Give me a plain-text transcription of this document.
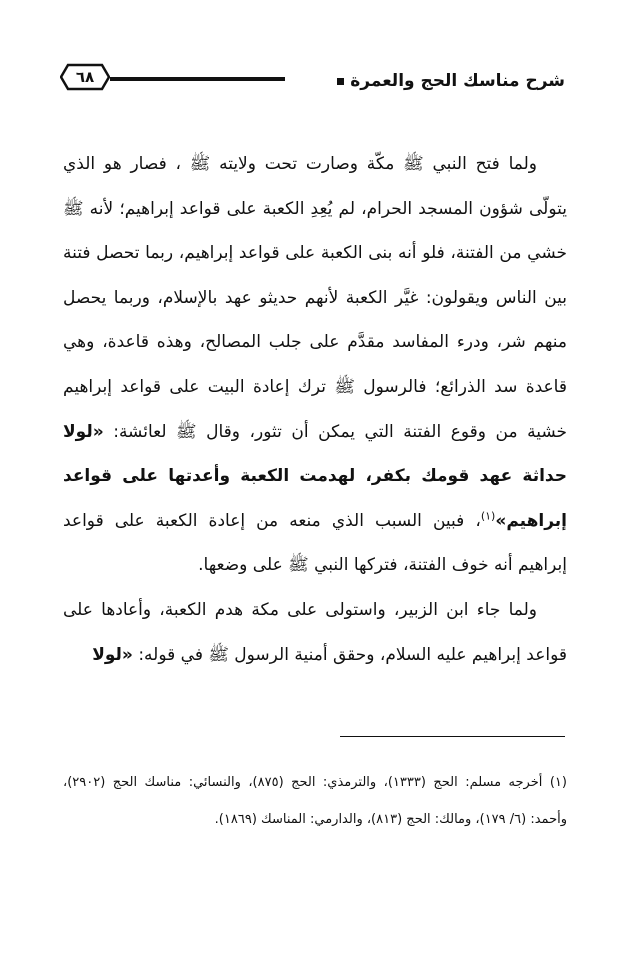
شرح مناسك الحج والعمرة
٦٨

ولما فتح النبي ﷺ مكّة وصارت تحت ولايته ﷺ ، فصار هو الذي يتولّى شؤون المسجد الحرام، لم يُعِدِ الكعبة على قواعد إبراهيم؛ لأنه ﷺ خشي من الفتنة، فلو أنه بنى الكعبة على قواعد إبراهيم، ربما تحصل فتنة بين الناس ويقولون: غيَّر الكعبة لأنهم حديثو عهد بالإسلام، وربما يحصل منهم شر، ودرء المفاسد مقدَّم على جلب المصالح، وهذه قاعدة، وهي قاعدة سد الذرائع؛ فالرسول ﷺ ترك إعادة البيت على قواعد إبراهيم خشية من وقوع الفتنة التي يمكن أن تثور، وقال ﷺ لعائشة: «لولا حداثة عهد قومك بكفر، لهدمت الكعبة وأعدتها على قواعد إبراهيم»$^{(١)}$، فبين السبب الذي منعه من إعادة الكعبة على قواعد إبراهيم أنه خوف الفتنة، فتركها النبي ﷺ على وضعها.

ولما جاء ابن الزبير، واستولى على مكة هدم الكعبة، وأعادها على قواعد إبراهيم عليه السلام، وحقق أمنية الرسول ﷺ في قوله: «لولا

(١) أخرجه مسلم: الحج (١٣٣٣)، والترمذي: الحج (٨٧٥)، والنسائي: مناسك الحج (٢٩٠٢)، وأحمد: (٦/ ١٧٩)، ومالك: الحج (٨١٣)، والدارمي: المناسك (١٨٦٩).
